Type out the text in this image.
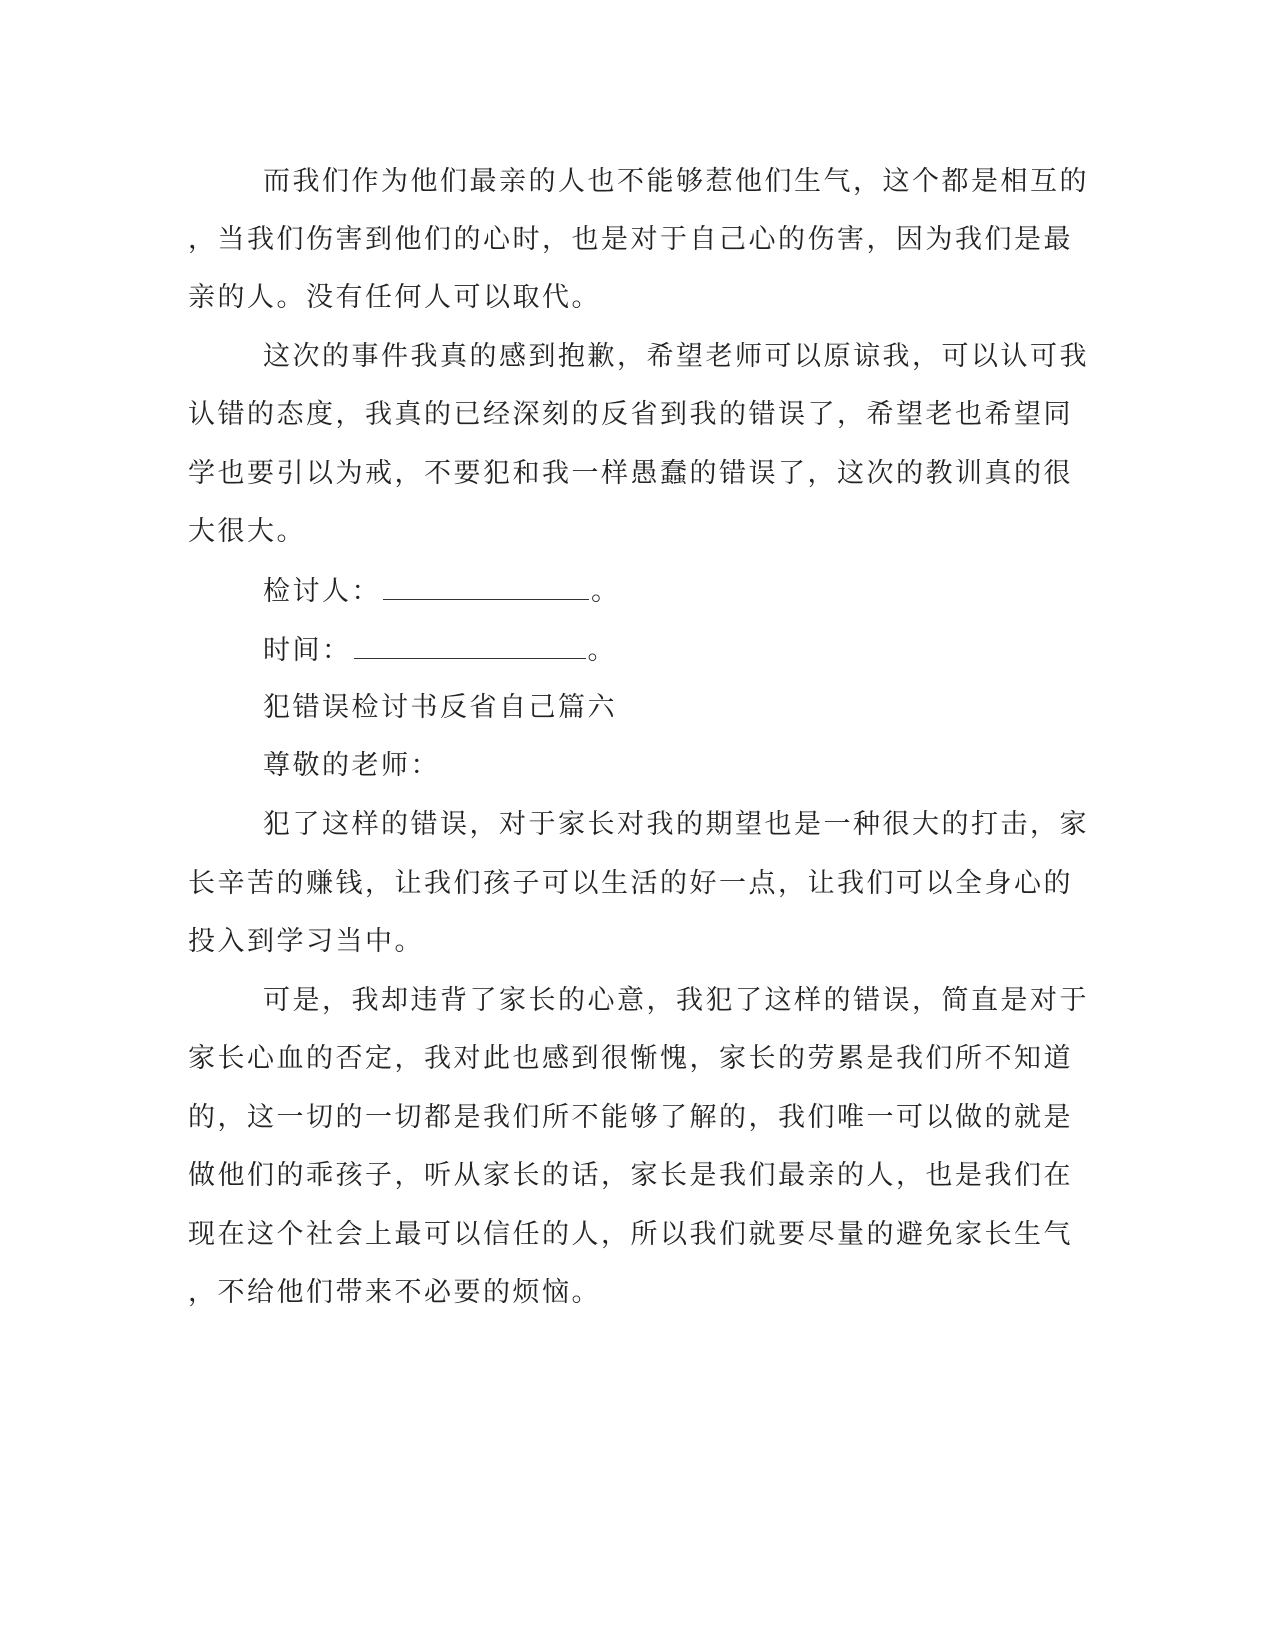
而我们作为他们最亲的人也不能够惹他们生气，这个都是相互的
，当我们伤害到他们的心时，也是对于自己心的伤害，因为我们是最
亲的人。没有任何人可以取代。
这次的事件我真的感到抱歉，希望老师可以原谅我，可以认可我
认错的态度，我真的已经深刻的反省到我的错误了，希望老也希望同
学也要引以为戒，不要犯和我一样愚蠢的错误了，这次的教训真的很
大很大。
检讨人：	。
时间：	。
犯错误检讨书反省自己篇六
尊敬的老师：
犯了这样的错误，对于家长对我的期望也是一种很大的打击，家
长辛苦的赚钱，让我们孩子可以生活的好一点，让我们可以全身心的
投入到学习当中。
可是，我却违背了家长的心意，我犯了这样的错误，简直是对于
家长心血的否定，我对此也感到很惭愧，家长的劳累是我们所不知道
的，这一切的一切都是我们所不能够了解的，我们唯一可以做的就是
做他们的乖孩子，听从家长的话，家长是我们最亲的人，也是我们在
现在这个社会上最可以信任的人，所以我们就要尽量的避免家长生气
，不给他们带来不必要的烦恼。
